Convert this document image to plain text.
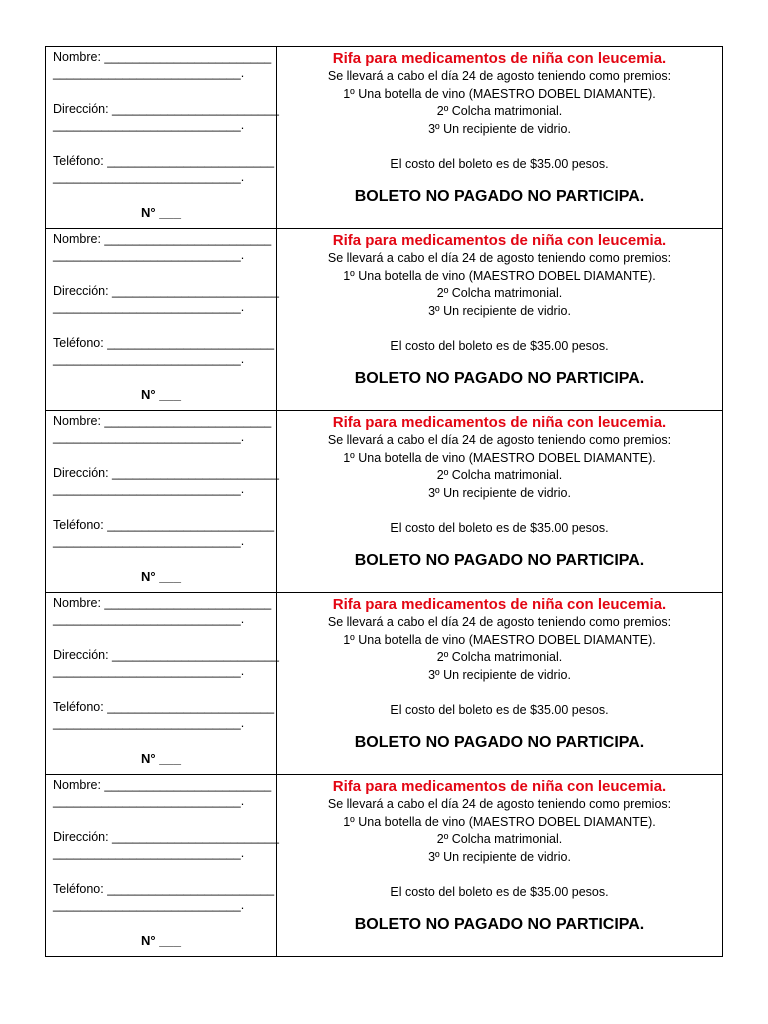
Nombre: ________________________
___________________________.
Dirección: ________________________
___________________________.
Teléfono: ________________________
___________________________.
N° ___
Rifa para medicamentos de niña con leucemia.
Se llevará a cabo el día 24 de agosto teniendo como premios:
1º Una botella de vino (MAESTRO DOBEL DIAMANTE).
2º Colcha matrimonial.
3º Un recipiente de vidrio.
El costo del boleto es de $35.00 pesos.
BOLETO NO PAGADO NO PARTICIPA.
Nombre: ________________________
___________________________.
Dirección: ________________________
___________________________.
Teléfono: ________________________
___________________________.
N° ___
Rifa para medicamentos de niña con leucemia.
Se llevará a cabo el día 24 de agosto teniendo como premios:
1º Una botella de vino (MAESTRO DOBEL DIAMANTE).
2º Colcha matrimonial.
3º Un recipiente de vidrio.
El costo del boleto es de $35.00 pesos.
BOLETO NO PAGADO NO PARTICIPA.
Nombre: ________________________
___________________________.
Dirección: ________________________
___________________________.
Teléfono: ________________________
___________________________.
N° ___
Rifa para medicamentos de niña con leucemia.
Se llevará a cabo el día 24 de agosto teniendo como premios:
1º Una botella de vino (MAESTRO DOBEL DIAMANTE).
2º Colcha matrimonial.
3º Un recipiente de vidrio.
El costo del boleto es de $35.00 pesos.
BOLETO NO PAGADO NO PARTICIPA.
Nombre: ________________________
___________________________.
Dirección: ________________________
___________________________.
Teléfono: ________________________
___________________________.
N° ___
Rifa para medicamentos de niña con leucemia.
Se llevará a cabo el día 24 de agosto teniendo como premios:
1º Una botella de vino (MAESTRO DOBEL DIAMANTE).
2º Colcha matrimonial.
3º Un recipiente de vidrio.
El costo del boleto es de $35.00 pesos.
BOLETO NO PAGADO NO PARTICIPA.
Nombre: ________________________
___________________________.
Dirección: ________________________
___________________________.
Teléfono: ________________________
___________________________.
N° ___
Rifa para medicamentos de niña con leucemia.
Se llevará a cabo el día 24 de agosto teniendo como premios:
1º Una botella de vino (MAESTRO DOBEL DIAMANTE).
2º Colcha matrimonial.
3º Un recipiente de vidrio.
El costo del boleto es de $35.00 pesos.
BOLETO NO PAGADO NO PARTICIPA.
